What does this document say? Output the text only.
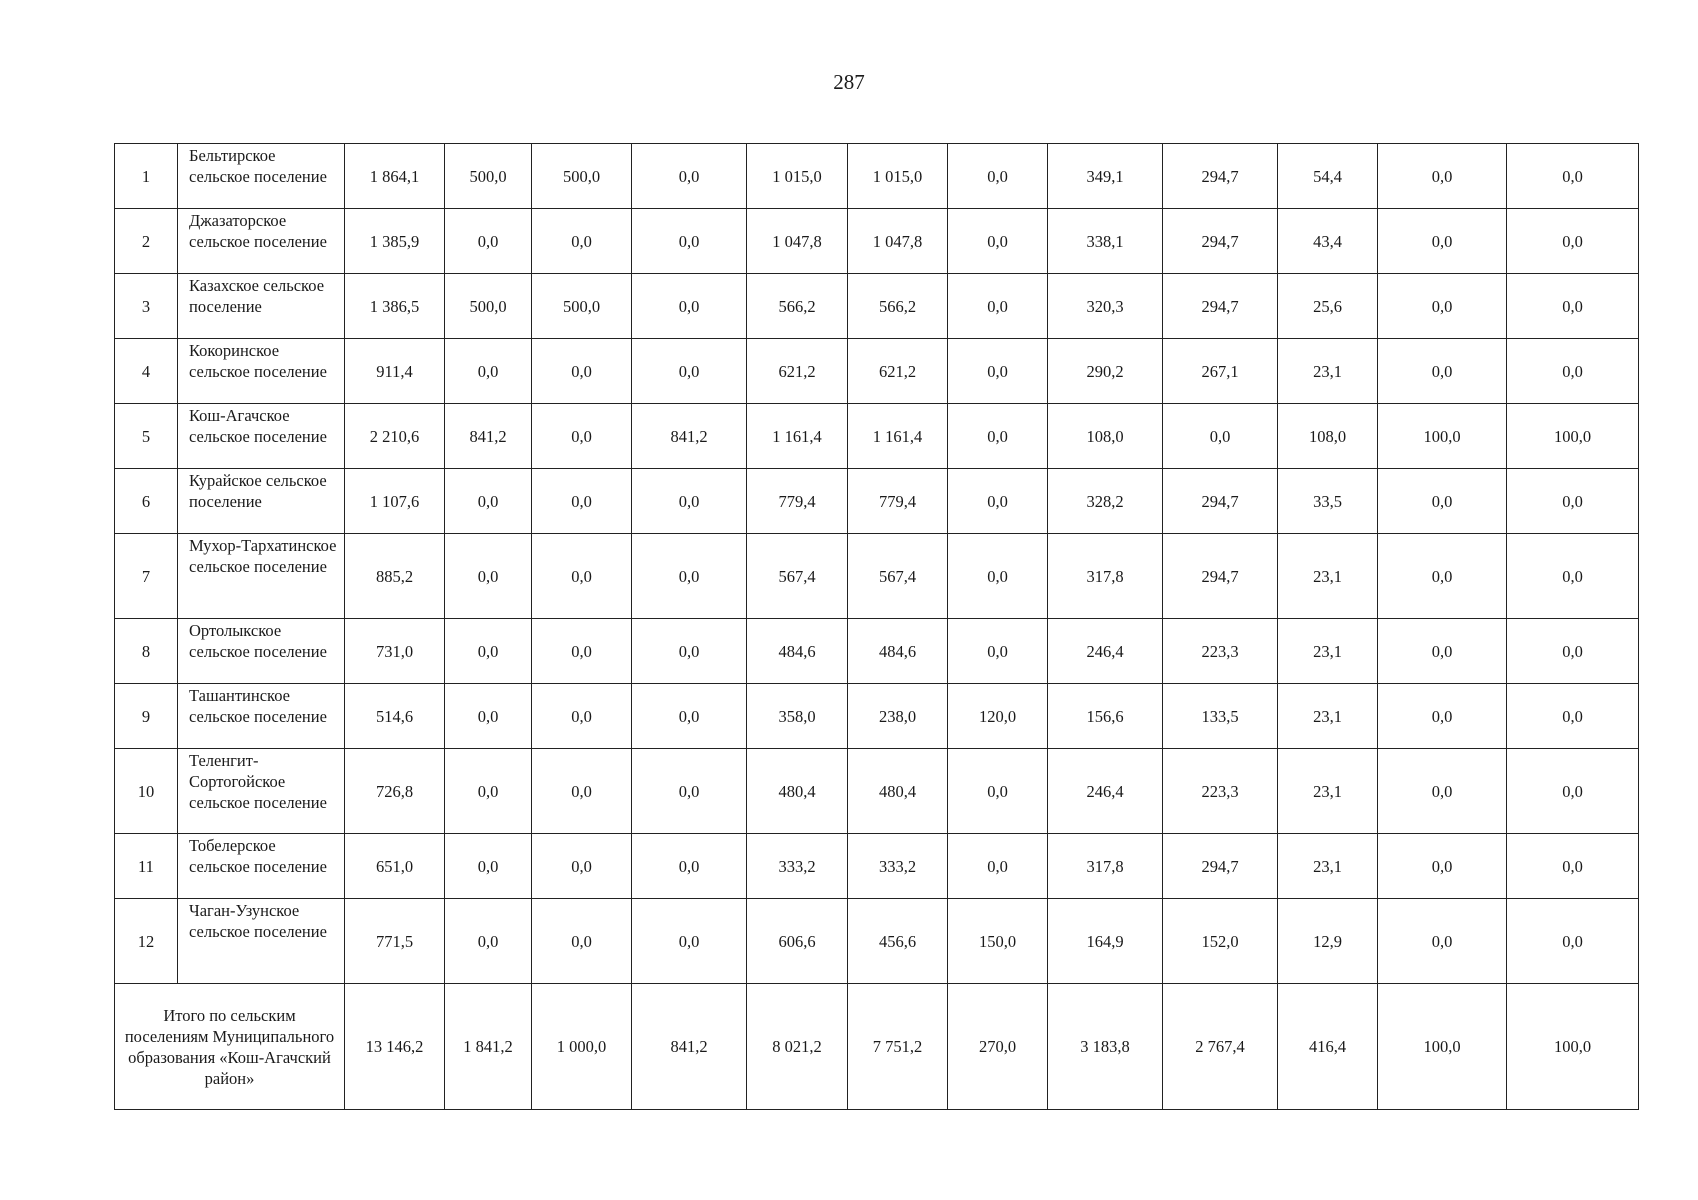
287
1	Бельтирское сельское поселение	1 864,1	500,0	500,0	0,0	1 015,0	1 015,0	0,0	349,1	294,7	54,4	0,0	0,0
2	Джазаторское сельское поселение	1 385,9	0,0	0,0	0,0	1 047,8	1 047,8	0,0	338,1	294,7	43,4	0,0	0,0
3	Казахское сельское поселение	1 386,5	500,0	500,0	0,0	566,2	566,2	0,0	320,3	294,7	25,6	0,0	0,0
4	Кокоринское сельское поселение	911,4	0,0	0,0	0,0	621,2	621,2	0,0	290,2	267,1	23,1	0,0	0,0
5	Кош-Агачское сельское поселение	2 210,6	841,2	0,0	841,2	1 161,4	1 161,4	0,0	108,0	0,0	108,0	100,0	100,0
6	Курайское сельское поселение	1 107,6	0,0	0,0	0,0	779,4	779,4	0,0	328,2	294,7	33,5	0,0	0,0
7	Мухор-Тархатинское сельское поселение	885,2	0,0	0,0	0,0	567,4	567,4	0,0	317,8	294,7	23,1	0,0	0,0
8	Ортолыкское сельское поселение	731,0	0,0	0,0	0,0	484,6	484,6	0,0	246,4	223,3	23,1	0,0	0,0
9	Ташантинское сельское поселение	514,6	0,0	0,0	0,0	358,0	238,0	120,0	156,6	133,5	23,1	0,0	0,0
10	Теленгит-Сортогойское сельское поселение	726,8	0,0	0,0	0,0	480,4	480,4	0,0	246,4	223,3	23,1	0,0	0,0
11	Тобелерское сельское поселение	651,0	0,0	0,0	0,0	333,2	333,2	0,0	317,8	294,7	23,1	0,0	0,0
12	Чаган-Узунское сельское поселение	771,5	0,0	0,0	0,0	606,6	456,6	150,0	164,9	152,0	12,9	0,0	0,0
Итого по сельским поселениям Муниципального образования «Кош-Агачский район»		13 146,2	1 841,2	1 000,0	841,2	8 021,2	7 751,2	270,0	3 183,8	2 767,4	416,4	100,0	100,0
